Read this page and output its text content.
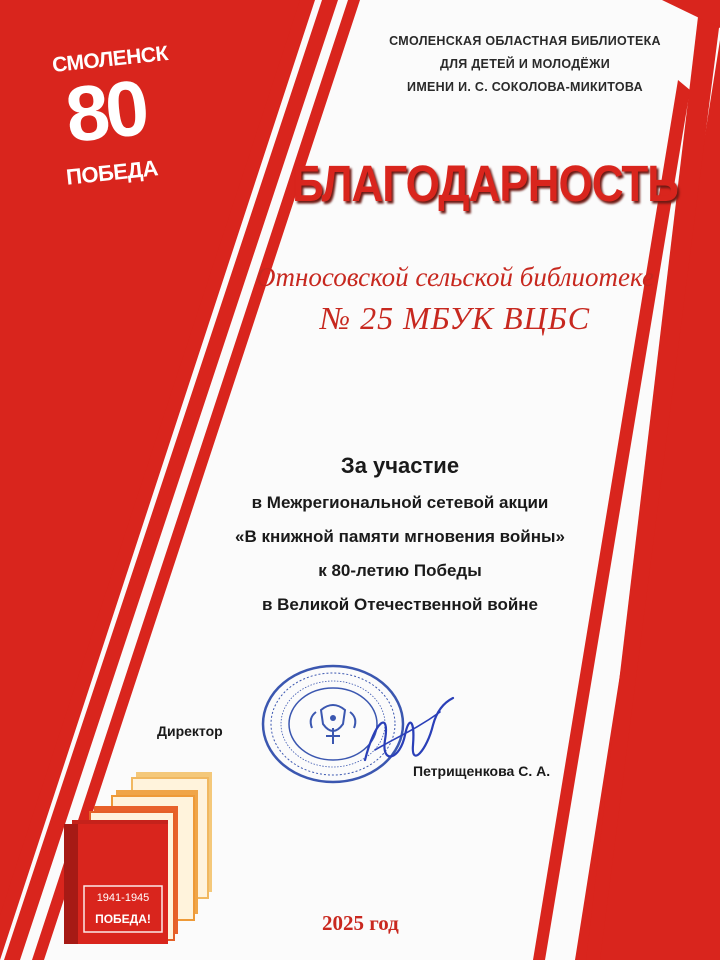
СМОЛЕНСК
80
ПОБЕДА
СМОЛЕНСКАЯ ОБЛАСТНАЯ БИБЛИОТЕКА
ДЛЯ ДЕТЕЙ И МОЛОДЁЖИ
ИМЕНИ И. С. СОКОЛОВА-МИКИТОВА
БЛАГОДАРНОСТЬ
Относовской сельской библиотеке
№ 25 МБУК ВЦБС
За участие
в Межрегиональной сетевой акции
«В книжной памяти мгновения войны»
к 80-летию Победы
в Великой Отечественной войне
Директор
Петрищенкова С. А.
1941-1945
ПОБЕДА!	2025 год
